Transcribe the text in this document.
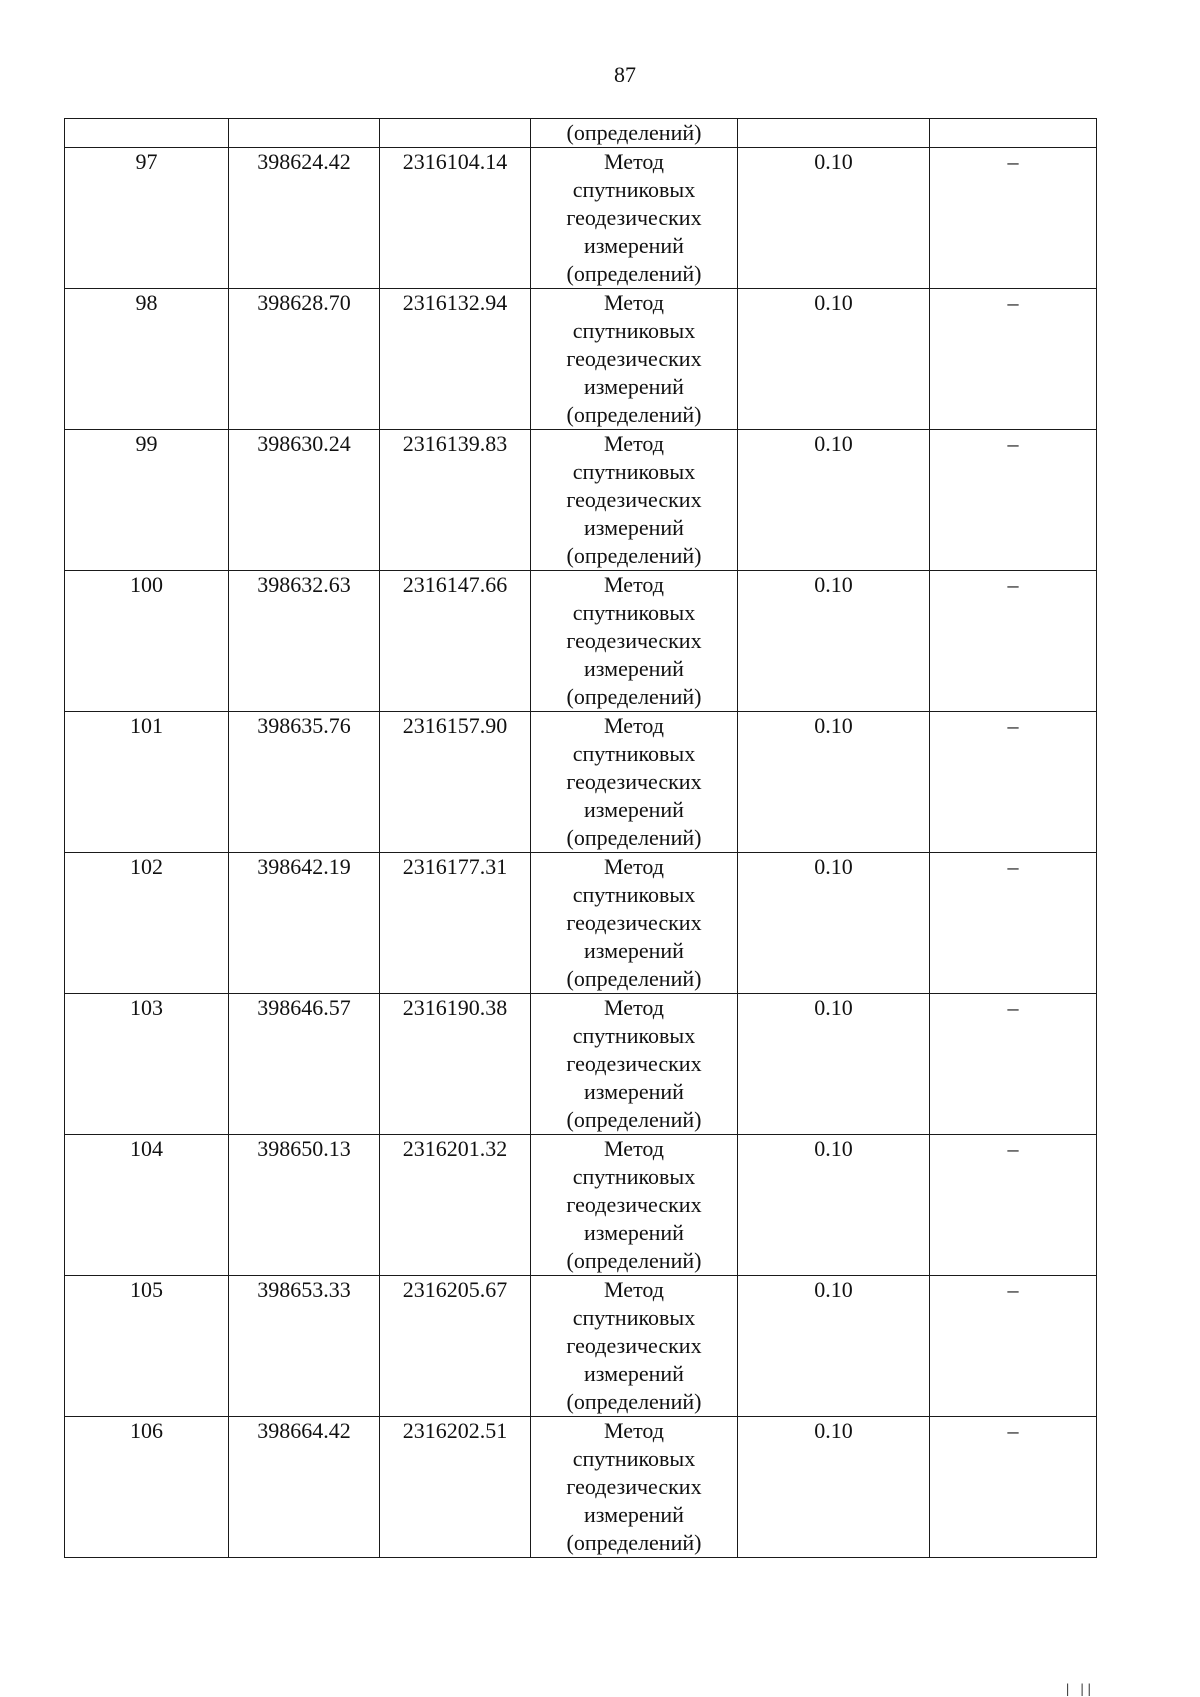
87
			(определений)		
97	398624.42	2316104.14	Метод
спутниковых
геодезических
измерений
(определений)	0.10	–
98	398628.70	2316132.94	Метод
спутниковых
геодезических
измерений
(определений)	0.10	–
99	398630.24	2316139.83	Метод
спутниковых
геодезических
измерений
(определений)	0.10	–
100	398632.63	2316147.66	Метод
спутниковых
геодезических
измерений
(определений)	0.10	–
101	398635.76	2316157.90	Метод
спутниковых
геодезических
измерений
(определений)	0.10	–
102	398642.19	2316177.31	Метод
спутниковых
геодезических
измерений
(определений)	0.10	–
103	398646.57	2316190.38	Метод
спутниковых
геодезических
измерений
(определений)	0.10	–
104	398650.13	2316201.32	Метод
спутниковых
геодезических
измерений
(определений)	0.10	–
105	398653.33	2316205.67	Метод
спутниковых
геодезических
измерений
(определений)	0.10	–
106	398664.42	2316202.51	Метод
спутниковых
геодезических
измерений
(определений)	0.10	–
| ||
